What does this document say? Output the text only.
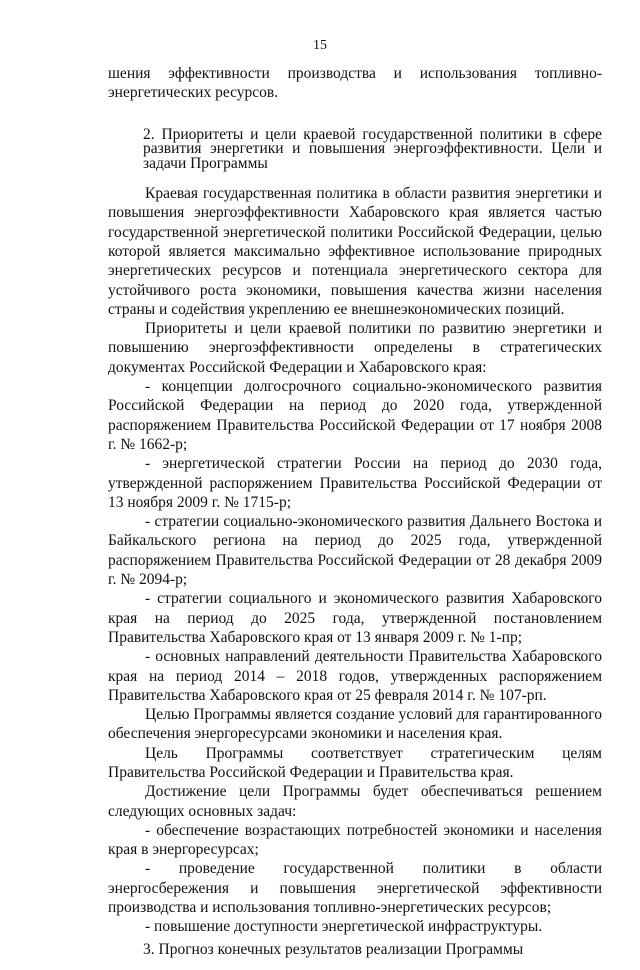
15

шения эффективности производства и использования топливно-энергетических ресурсов.

2. Приоритеты и цели краевой государственной политики в сфере развития энергетики и повышения энергоэффективности. Цели и задачи Программы

Краевая государственная политика в области развития энергетики и повышения энергоэффективности Хабаровского края является частью государственной энергетической политики Российской Федерации, целью которой является максимально эффективное использование природных энергетических ресурсов и потенциала энергетического сектора для устойчивого роста экономики, повышения качества жизни населения страны и содействия укреплению ее внешнеэкономических позиций.

Приоритеты и цели краевой политики по развитию энергетики и повышению энергоэффективности определены в стратегических документах Российской Федерации и Хабаровского края:

- концепции долгосрочного социально-экономического развития Российской Федерации на период до 2020 года, утвержденной распоряжением Правительства Российской Федерации от 17 ноября 2008 г. № 1662-р;

- энергетической стратегии России на период до 2030 года, утвержденной распоряжением Правительства Российской Федерации от 13 ноября 2009 г. № 1715-р;

- стратегии социально-экономического развития Дальнего Востока и Байкальского региона на период до 2025 года, утвержденной распоряжением Правительства Российской Федерации от 28 декабря 2009 г. № 2094-р;

- стратегии социального и экономического развития Хабаровского края на период до 2025 года, утвержденной постановлением Правительства Хабаровского края от 13 января 2009 г. № 1-пр;

- основных направлений деятельности Правительства Хабаровского края на период 2014 – 2018 годов, утвержденных распоряжением Правительства Хабаровского края от 25 февраля 2014 г. № 107-рп.

Целью Программы является создание условий для гарантированного обеспечения энергоресурсами экономики и населения края.

Цель Программы соответствует стратегическим целям Правительства Российской Федерации и Правительства края.

Достижение цели Программы будет обеспечиваться решением следующих основных задач:

- обеспечение возрастающих потребностей экономики и населения края в энергоресурсах;

- проведение государственной политики в области энергосбережения и повышения энергетической эффективности производства и использования топливно-энергетических ресурсов;

- повышение доступности энергетической инфраструктуры.

3. Прогноз конечных результатов реализации Программы
